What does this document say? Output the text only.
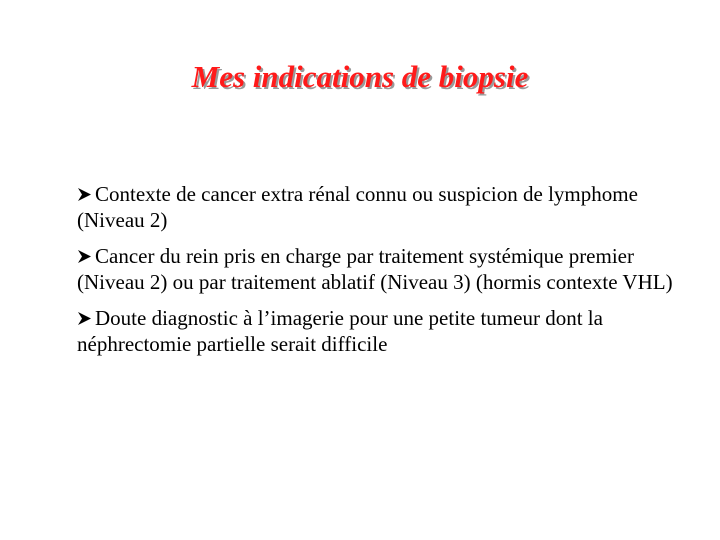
Mes indications de biopsie
Contexte de cancer extra rénal connu ou suspicion de lymphome (Niveau 2)
Cancer du rein pris en charge par traitement systémique premier (Niveau 2) ou par traitement ablatif (Niveau 3) (hormis contexte VHL)
Doute diagnostic à l’imagerie pour une petite tumeur dont la néphrectomie partielle serait difficile
